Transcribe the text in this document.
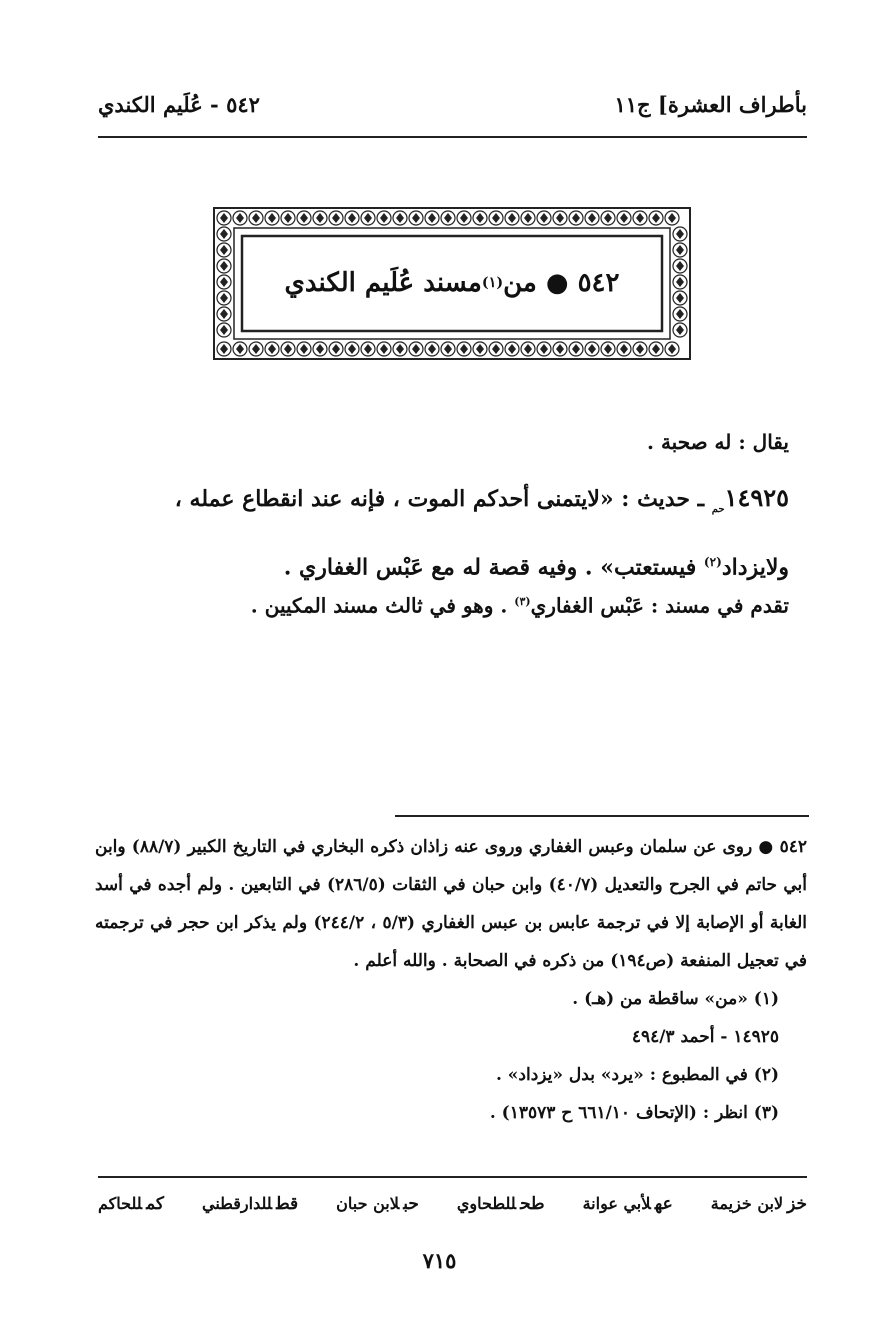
بأطراف العشرة] ج١١
٥٤٢ - عُلَيم الكندي
٥٤٢ ● من
(١)
مسند عُلَيم الكندي
يقال : له صحبة .
$١٤٩٢٥_{حم}$ ـ حديث : «لايتمنى أحدكم الموت ، فإنه عند انقطاع عمله ،
ولايزداد$^{(٢)}$ فيستعتب» . وفيه قصة له مع عَبْس الغفاري .
تقدم في مسند : عَبْس الغفاري$^{(٣)}$ . وهو في ثالث مسند المكيين .
٥٤٢ ● روى عن سلمان وعبس الغفاري وروى عنه زاذان ذكره البخاري في التاريخ الكبير (٨٨/٧) وابن أبي حاتم في الجرح والتعديل (٤٠/٧) وابن حبان في الثقات (٢٨٦/٥) في التابعين . ولم أجده في أسد الغابة أو الإصابة إلا في ترجمة عابس بن عبس الغفاري (٥/٣ ، ٢٤٤/٢) ولم يذكر ابن حجر في ترجمته في تعجيل المنفعة (ص١٩٤) من ذكره في الصحابة . والله أعلم .
(١) «من» ساقطة من (هـ) .
١٤٩٢٥ - أحمد ٤٩٤/٣
(٢) في المطبوع : «يرد» بدل «يزداد» .
(٣) انظر : (الإتحاف ٦٦١/١٠ ح ١٣٥٧٣) .
خزلابن خزيمة
عهلأبي عوانة
طحللطحاوي
حبلابن حبان
قطللدارقطني
كمللحاكم
٧١٥
